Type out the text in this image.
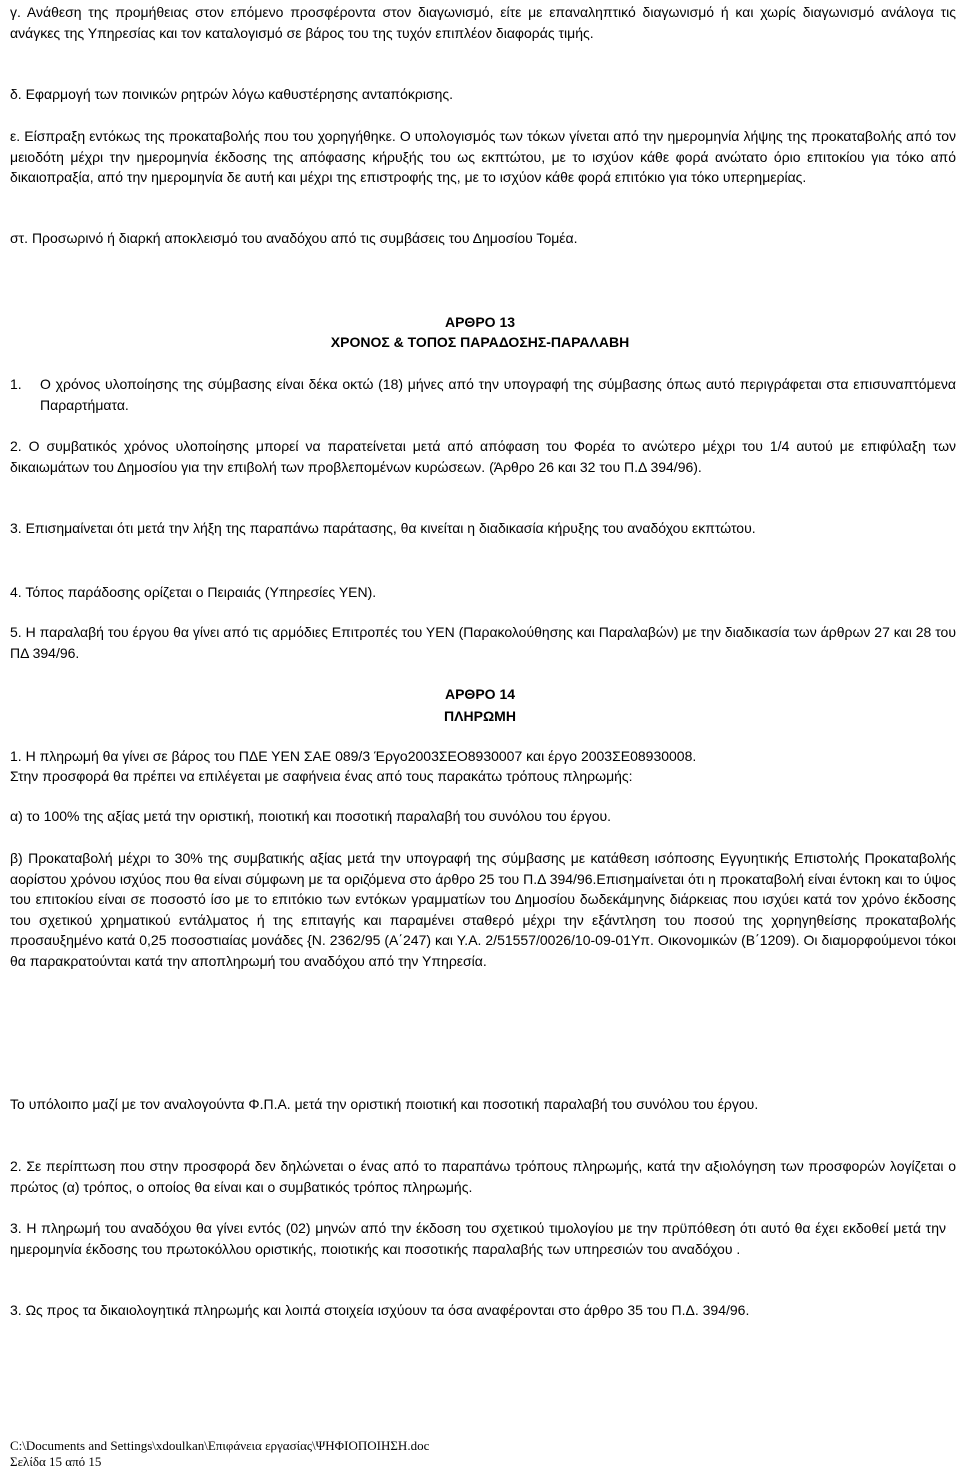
γ. Ανάθεση της προμήθειας στον επόμενο προσφέροντα στον διαγωνισμό, είτε με επαναληπτικό διαγωνισμό ή και χωρίς διαγωνισμό ανάλογα τις ανάγκες της Υπηρεσίας και τον καταλογισμό σε βάρος του της τυχόν επιπλέον διαφοράς τιμής.

δ. Εφαρμογή των ποινικών ρητρών λόγω καθυστέρησης ανταπόκρισης.

ε. Είσπραξη εντόκως της προκαταβολής που του χορηγήθηκε. Ο υπολογισμός των τόκων γίνεται από την ημερομηνία λήψης της προκαταβολής από τον μειοδότη μέχρι την ημερομηνία έκδοσης της απόφασης κήρυξής του ως εκπτώτου, με το ισχύον κάθε φορά ανώτατο όριο επιτοκίου για τόκο από δικαιοπραξία, από την ημερομηνία δε αυτή και μέχρι της επιστροφής της, με το ισχύον κάθε φορά επιτόκιο για τόκο υπερημερίας.

στ. Προσωρινό ή διαρκή αποκλεισμό του αναδόχου από τις συμβάσεις του Δημοσίου Τομέα.

ΑΡΘΡΟ 13

ΧΡΟΝΟΣ & ΤΟΠΟΣ ΠΑΡΑΔΟΣΗΣ-ΠΑΡΑΛΑΒΗ

1.	Ο χρόνος υλοποίησης της σύμβασης είναι δέκα οκτώ (18) μήνες από την υπογραφή της σύμβασης όπως αυτό περιγράφεται στα επισυναπτόμενα Παραρτήματα.

2. Ο συμβατικός χρόνος υλοποίησης μπορεί να παρατείνεται μετά από απόφαση του Φορέα το ανώτερο μέχρι του 1/4 αυτού με επιφύλαξη των δικαιωμάτων του Δημοσίου για την επιβολή των προβλεπομένων κυρώσεων. (Άρθρο 26 και 32 του Π.Δ 394/96).

3. Επισημαίνεται ότι μετά την λήξη της παραπάνω παράτασης, θα κινείται η διαδικασία κήρυξης του αναδόχου εκπτώτου.

4. Τόπος παράδοσης ορίζεται ο Πειραιάς (Υπηρεσίες ΥΕΝ).

5. Η παραλαβή του έργου θα γίνει από τις αρμόδιες Επιτροπές του ΥΕΝ (Παρακολούθησης και Παραλαβών) με την διαδικασία των άρθρων 27 και 28 του ΠΔ 394/96.

ΑΡΘΡΟ 14

ΠΛΗΡΩΜΗ

1. Η πληρωμή θα γίνει σε βάρος του ΠΔΕ ΥΕΝ ΣΑΕ 089/3 Έργο2003ΣΕΟ8930007 και έργο 2003ΣΕ08930008.

Στην προσφορά θα πρέπει να επιλέγεται με σαφήνεια ένας από τους παρακάτω τρόπους πληρωμής:

α) το 100% της αξίας μετά την οριστική, ποιοτική και ποσοτική παραλαβή του συνόλου του έργου.

β) Προκαταβολή μέχρι το 30% της συμβατικής αξίας μετά την υπογραφή της σύμβασης με κατάθεση ισόποσης Εγγυητικής Επιστολής Προκαταβολής αορίστου χρόνου ισχύος που θα είναι σύμφωνη με τα οριζόμενα στο άρθρο 25 του Π.Δ 394/96.Επισημαίνεται ότι η προκαταβολή είναι έντοκη και το ύψος του επιτοκίου είναι σε ποσοστό ίσο με το επιτόκιο των εντόκων γραμματίων του Δημοσίου δωδεκάμηνης διάρκειας που ισχύει κατά τον χρόνο έκδοσης του σχετικού χρηματικού εντάλματος ή της επιταγής και παραμένει σταθερό μέχρι την εξάντληση του ποσού της χορηγηθείσης προκαταβολής προσαυξημένο κατά 0,25 ποσοστιαίας μονάδες {Ν. 2362/95 (Α΄247) και Υ.Α. 2/51557/0026/10-09-01Υπ. Οικονομικών (Β΄1209). Οι διαμορφούμενοι τόκοι θα παρακρατούνται κατά την αποπληρωμή του αναδόχου από την Υπηρεσία.

Το υπόλοιπο μαζί με τον αναλογούντα Φ.Π.Α. μετά την οριστική ποιοτική και ποσοτική παραλαβή του συνόλου του έργου.

2. Σε περίπτωση που στην προσφορά δεν δηλώνεται ο ένας από το παραπάνω τρόπους πληρωμής, κατά την αξιολόγηση των προσφορών λογίζεται ο πρώτος (α) τρόπος, ο οποίος θα είναι και ο συμβατικός τρόπος πληρωμής.

3. Η πληρωμή του αναδόχου θα γίνει εντός (02) μηνών από την έκδοση του σχετικού τιμολογίου με την πρϋπόθεση ότι αυτό θα έχει εκδοθεί μετά την ημερομηνία έκδοσης του πρωτοκόλλου οριστικής, ποιοτικής και ποσοτικής παραλαβής των υπηρεσιών του αναδόχου .

3. Ως προς τα δικαιολογητικά πληρωμής και λοιπά στοιχεία ισχύουν τα όσα αναφέρονται στο άρθρο 35 του Π.Δ. 394/96.

C:\Documents and Settings\xdoulkan\Επιφάνεια εργασίας\ΨΗΦΙΟΠΟΙΗΣΗ.doc

Σελίδα 15 από 15
